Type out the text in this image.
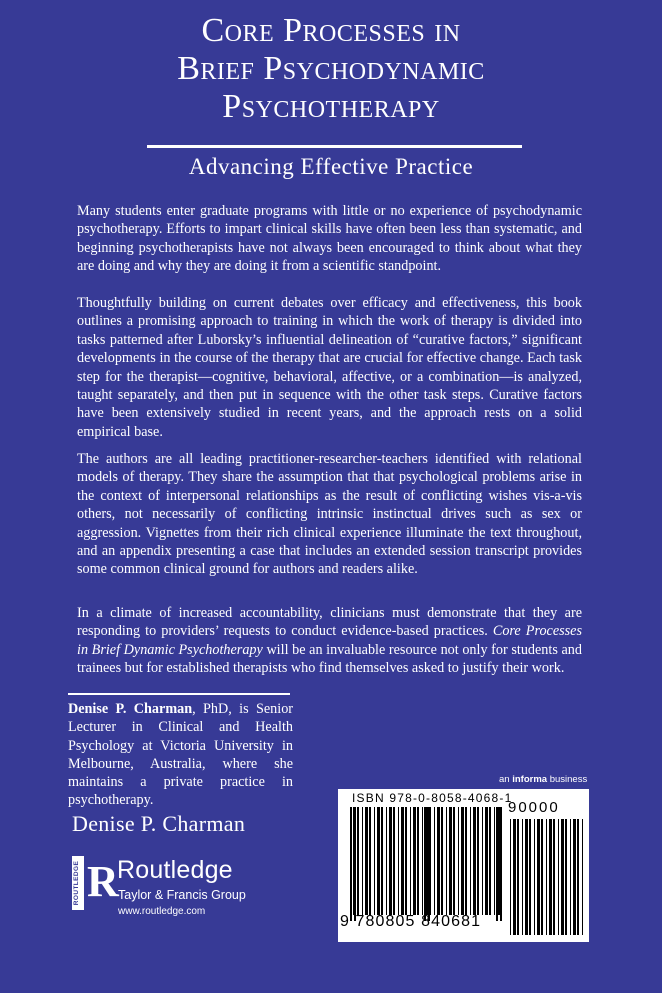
Core Processes in
Brief Psychodynamic
Psychotherapy
Advancing Effective Practice
Many students enter graduate programs with little or no experience of psychodynamic psychotherapy. Efforts to impart clinical skills have often been less than systematic, and beginning psychotherapists have not always been encouraged to think about what they are doing and why they are doing it from a scientific standpoint.
Thoughtfully building on current debates over efficacy and effectiveness, this book outlines a promising approach to training in which the work of therapy is divided into tasks patterned after Luborsky’s influential delineation of “curative factors,” significant developments in the course of the therapy that are crucial for effective change. Each task step for the therapist—cognitive, behavioral, affective, or a combination—is analyzed, taught separately, and then put in sequence with the other task steps. Curative factors have been extensively studied in recent years, and the approach rests on a solid empirical base.
The authors are all leading practitioner-researcher-teachers identified with relational models of therapy. They share the assumption that that psychological problems arise in the context of interpersonal relationships as the result of conflicting wishes vis-a-vis others, not necessarily of conflicting intrinsic instinctual drives such as sex or aggression. Vignettes from their rich clinical experience illuminate the text throughout, and an appendix presenting a case that includes an extended session transcript provides some common clinical ground for authors and readers alike.
In a climate of increased accountability, clinicians must demonstrate that they are responding to providers’ requests to conduct evidence-based practices. Core Processes in Brief Dynamic Psychotherapy will be an invaluable resource not only for students and trainees but for established therapists who find themselves asked to justify their work.
Denise P. Charman, PhD, is Senior Lecturer in Clinical and Health Psychology at Victoria University in Melbourne, Australia, where she maintains a private practice in psychotherapy.
Denise P. Charman
ROUTLEDGE R
Routledge
Taylor & Francis Group
www.routledge.com
an informa business
ISBN 978-0-8058-4068-1
90000
9 780805 840681
